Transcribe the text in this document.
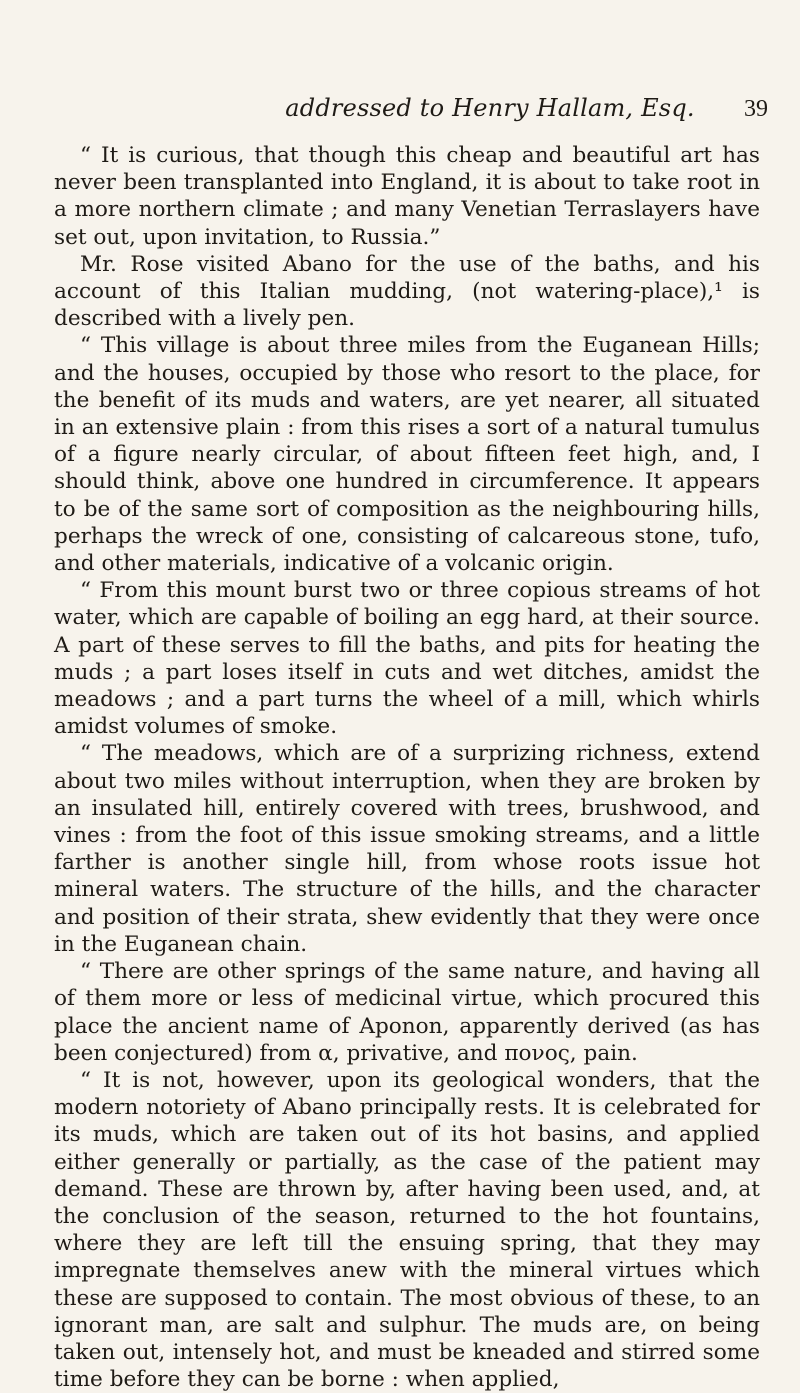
addressed to Henry Hallam, Esq.	39

“ It is curious, that though this cheap and beautiful art has never been transplanted into England, it is about to take root in a more northern climate ; and many Venetian Terraslayers have set out, upon invitation, to Russia.”

Mr. Rose visited Abano for the use of the baths, and his account of this Italian mudding, (not watering-place),¹ is described with a lively pen.

“ This village is about three miles from the Euganean Hills; and the houses, occupied by those who resort to the place, for the benefit of its muds and waters, are yet nearer, all situated in an extensive plain : from this rises a sort of a natural tumulus of a figure nearly circular, of about fifteen feet high, and, I should think, above one hundred in circumference. It appears to be of the same sort of composition as the neighbouring hills, perhaps the wreck of one, consisting of calcareous stone, tufo, and other materials, indicative of a volcanic origin.

“ From this mount burst two or three copious streams of hot water, which are capable of boiling an egg hard, at their source. A part of these serves to fill the baths, and pits for heating the muds ; a part loses itself in cuts and wet ditches, amidst the meadows ; and a part turns the wheel of a mill, which whirls amidst volumes of smoke.

“ The meadows, which are of a surprizing richness, extend about two miles without interruption, when they are broken by an insulated hill, entirely covered with trees, brushwood, and vines : from the foot of this issue smoking streams, and a little farther is another single hill, from whose roots issue hot mineral waters. The structure of the hills, and the character and position of their strata, shew evidently that they were once in the Euganean chain.

“ There are other springs of the same nature, and having all of them more or less of medicinal virtue, which procured this place the ancient name of Aponon, apparently derived (as has been conjectured) from α, privative, and πονος, pain.

“ It is not, however, upon its geological wonders, that the modern notoriety of Abano principally rests. It is celebrated for its muds, which are taken out of its hot basins, and applied either generally or partially, as the case of the patient may demand. These are thrown by, after having been used, and, at the conclusion of the season, returned to the hot fountains, where they are left till the ensuing spring, that they may impregnate themselves anew with the mineral virtues which these are supposed to contain. The most obvious of these, to an ignorant man, are salt and sulphur. The muds are, on being taken out, intensely hot, and must be kneaded and stirred some time before they can be borne : when applied,
